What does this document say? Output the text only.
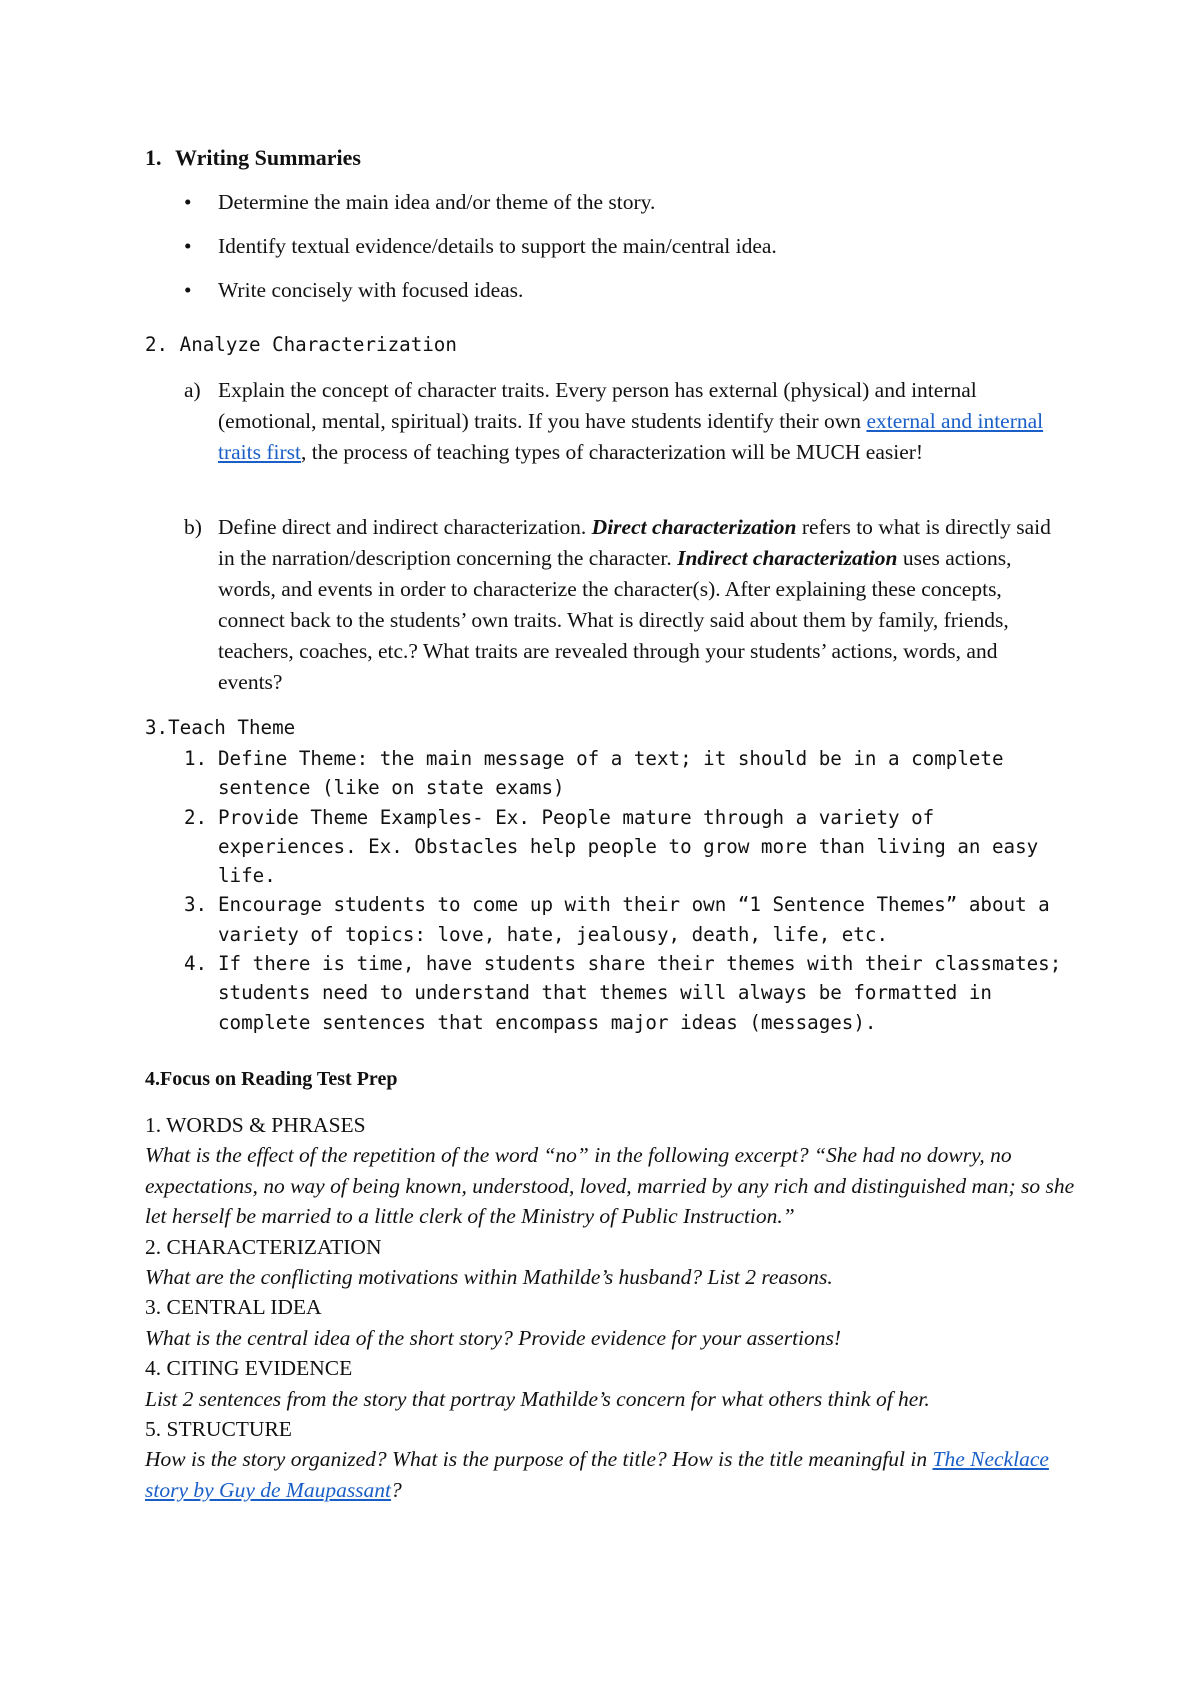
1. Writing Summaries
• Determine the main idea and/or theme of the story.
• Identify textual evidence/details to support the main/central idea.
• Write concisely with focused ideas.
2. Analyze Characterization
a) Explain the concept of character traits. Every person has external (physical) and internal (emotional, mental, spiritual) traits. If you have students identify their own external and internal traits first, the process of teaching types of characterization will be MUCH easier!
b) Define direct and indirect characterization. Direct characterization refers to what is directly said in the narration/description concerning the character. Indirect characterization uses actions, words, and events in order to characterize the character(s). After explaining these concepts, connect back to the students’ own traits. What is directly said about them by family, friends, teachers, coaches, etc.? What traits are revealed through your students’ actions, words, and events?
3.Teach Theme
1. Define Theme: the main message of a text; it should be in a complete sentence (like on state exams)
2. Provide Theme Examples- Ex. People mature through a variety of experiences. Ex. Obstacles help people to grow more than living an easy life.
3. Encourage students to come up with their own “1 Sentence Themes” about a variety of topics: love, hate, jealousy, death, life, etc.
4. If there is time, have students share their themes with their classmates; students need to understand that themes will always be formatted in complete sentences that encompass major ideas (messages).
4.Focus on Reading Test Prep
1. WORDS & PHRASES
What is the effect of the repetition of the word “no” in the following excerpt? “She had no dowry, no expectations, no way of being known, understood, loved, married by any rich and distinguished man; so she let herself be married to a little clerk of the Ministry of Public Instruction.”
2. CHARACTERIZATION
What are the conflicting motivations within Mathilde’s husband? List 2 reasons.
3. CENTRAL IDEA
What is the central idea of the short story? Provide evidence for your assertions!
4. CITING EVIDENCE
List 2 sentences from the story that portray Mathilde’s concern for what others think of her.
5. STRUCTURE
How is the story organized? What is the purpose of the title? How is the title meaningful in The Necklace story by Guy de Maupassant?
